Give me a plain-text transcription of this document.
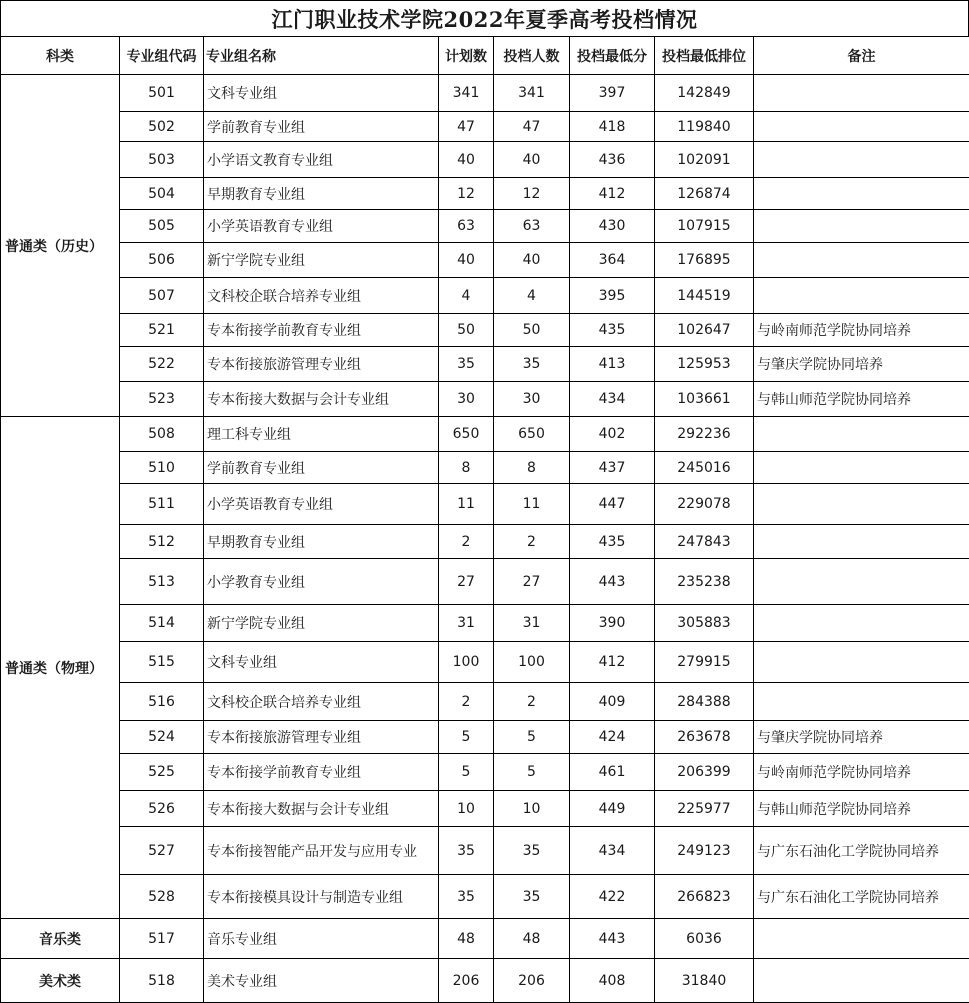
江门职业技术学院2022年夏季高考投档情况
科类	专业组代码	专业组名称	计划数	投档人数	投档最低分	投档最低排位	备注
普通类（历史）	501	文科专业组	341	341	397	142849	
	502	学前教育专业组	47	47	418	119840	
	503	小学语文教育专业组	40	40	436	102091	
	504	早期教育专业组	12	12	412	126874	
	505	小学英语教育专业组	63	63	430	107915	
	506	新宁学院专业组	40	40	364	176895	
	507	文科校企联合培养专业组	4	4	395	144519	
	521	专本衔接学前教育专业组	50	50	435	102647	与岭南师范学院协同培养
	522	专本衔接旅游管理专业组	35	35	413	125953	与肇庆学院协同培养
	523	专本衔接大数据与会计专业组	30	30	434	103661	与韩山师范学院协同培养
普通类（物理）	508	理工科专业组	650	650	402	292236	
	510	学前教育专业组	8	8	437	245016	
	511	小学英语教育专业组	11	11	447	229078	
	512	早期教育专业组	2	2	435	247843	
	513	小学教育专业组	27	27	443	235238	
	514	新宁学院专业组	31	31	390	305883	
	515	文科专业组	100	100	412	279915	
	516	文科校企联合培养专业组	2	2	409	284388	
	524	专本衔接旅游管理专业组	5	5	424	263678	与肇庆学院协同培养
	525	专本衔接学前教育专业组	5	5	461	206399	与岭南师范学院协同培养
	526	专本衔接大数据与会计专业组	10	10	449	225977	与韩山师范学院协同培养
	527	专本衔接智能产品开发与应用专业	35	35	434	249123	与广东石油化工学院协同培养
	528	专本衔接模具设计与制造专业组	35	35	422	266823	与广东石油化工学院协同培养
音乐类	517	音乐专业组	48	48	443	6036	
美术类	518	美术专业组	206	206	408	31840	
